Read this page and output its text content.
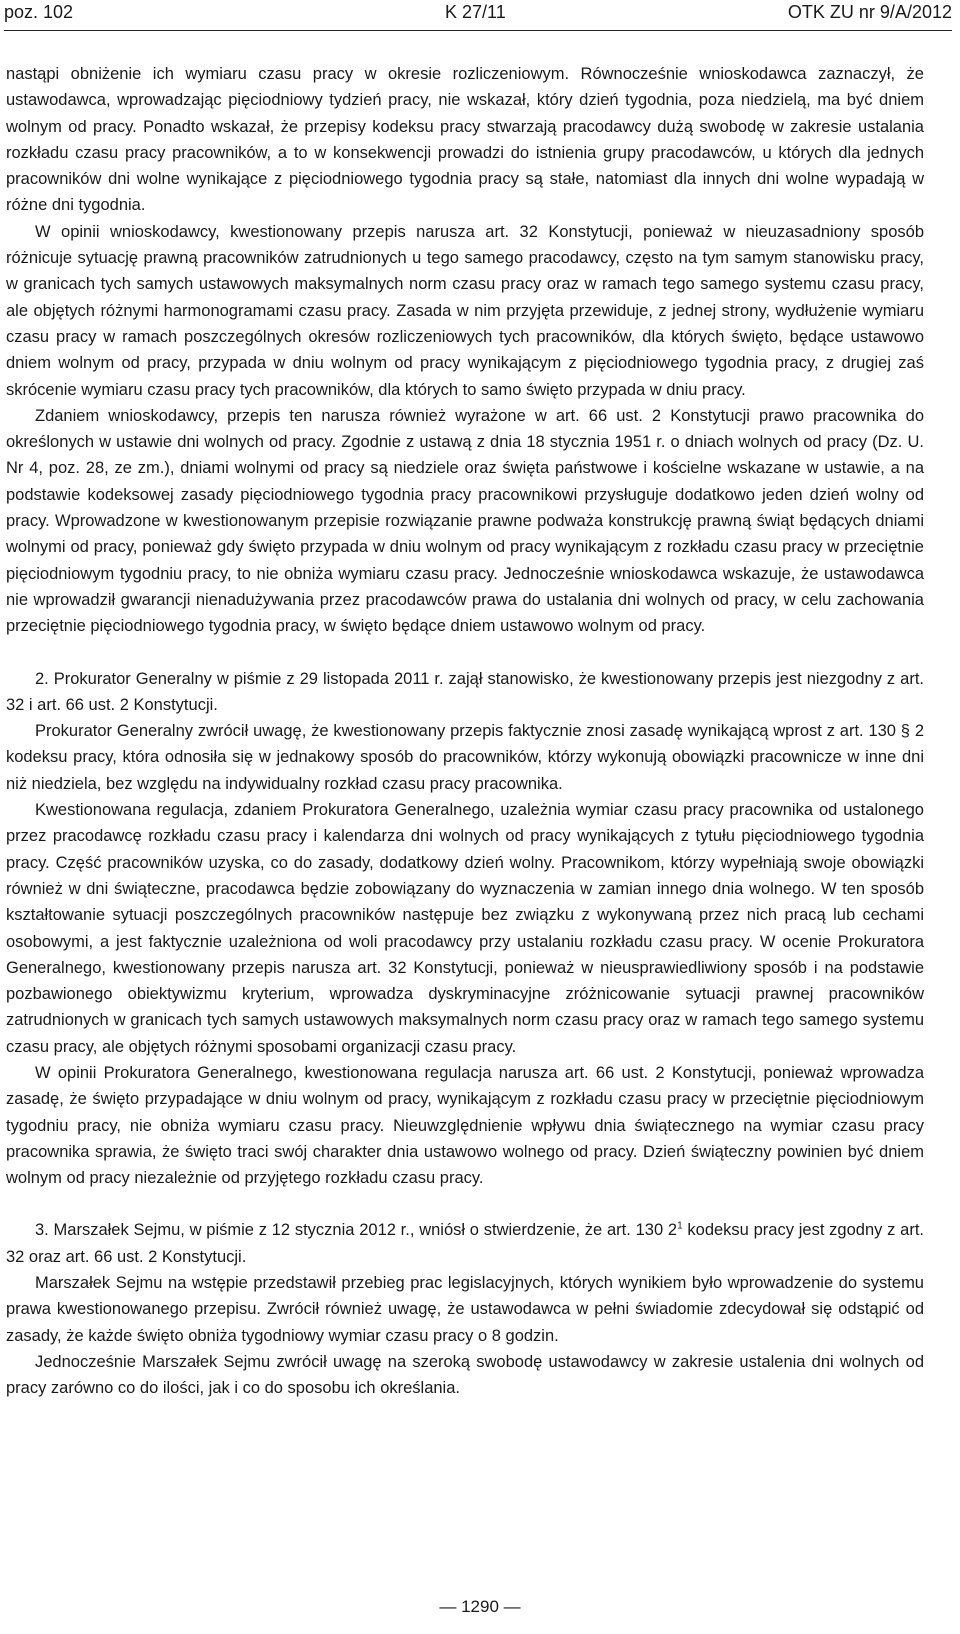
poz. 102	K 27/11	OTK ZU nr 9/A/2012

nastąpi obniżenie ich wymiaru czasu pracy w okresie rozliczeniowym. Równocześnie wnioskodawca zaznaczył, że ustawodawca, wprowadzając pięciodniowy tydzień pracy, nie wskazał, który dzień tygodnia, poza niedzielą, ma być dniem wolnym od pracy. Ponadto wskazał, że przepisy kodeksu pracy stwarzają pracodawcy dużą swobodę w zakresie ustalania rozkładu czasu pracy pracowników, a to w konsekwencji prowadzi do istnienia grupy pracodawców, u których dla jednych pracowników dni wolne wynikające z pięciodniowego tygodnia pracy są stałe, natomiast dla innych dni wolne wypadają w różne dni tygodnia.

W opinii wnioskodawcy, kwestionowany przepis narusza art. 32 Konstytucji, ponieważ w nieuzasadniony sposób różnicuje sytuację prawną pracowników zatrudnionych u tego samego pracodawcy, często na tym samym stanowisku pracy, w granicach tych samych ustawowych maksymalnych norm czasu pracy oraz w ramach tego samego systemu czasu pracy, ale objętych różnymi harmonogramami czasu pracy. Zasada w nim przyjęta przewiduje, z jednej strony, wydłużenie wymiaru czasu pracy w ramach poszczególnych okresów rozliczeniowych tych pracowników, dla których święto, będące ustawowo dniem wolnym od pracy, przypada w dniu wolnym od pracy wynikającym z pięciodniowego tygodnia pracy, z drugiej zaś skrócenie wymiaru czasu pracy tych pracowników, dla których to samo święto przypada w dniu pracy.

Zdaniem wnioskodawcy, przepis ten narusza również wyrażone w art. 66 ust. 2 Konstytucji prawo pracownika do określonych w ustawie dni wolnych od pracy. Zgodnie z ustawą z dnia 18 stycznia 1951 r. o dniach wolnych od pracy (Dz. U. Nr 4, poz. 28, ze zm.), dniami wolnymi od pracy są niedziele oraz święta państwowe i kościelne wskazane w ustawie, a na podstawie kodeksowej zasady pięciodniowego tygodnia pracy pracownikowi przysługuje dodatkowo jeden dzień wolny od pracy. Wprowadzone w kwestionowanym przepisie rozwiązanie prawne podważa konstrukcję prawną świąt będących dniami wolnymi od pracy, ponieważ gdy święto przypada w dniu wolnym od pracy wynikającym z rozkładu czasu pracy w przeciętnie pięciodniowym tygodniu pracy, to nie obniża wymiaru czasu pracy. Jednocześnie wnioskodawca wskazuje, że ustawodawca nie wprowadził gwarancji nienadużywania przez pracodawców prawa do ustalania dni wolnych od pracy, w celu zachowania przeciętnie pięciodniowego tygodnia pracy, w święto będące dniem ustawowo wolnym od pracy.

2. Prokurator Generalny w piśmie z 29 listopada 2011 r. zajął stanowisko, że kwestionowany przepis jest niezgodny z art. 32 i art. 66 ust. 2 Konstytucji.

Prokurator Generalny zwrócił uwagę, że kwestionowany przepis faktycznie znosi zasadę wynikającą wprost z art. 130 § 2 kodeksu pracy, która odnosiła się w jednakowy sposób do pracowników, którzy wykonują obowiązki pracownicze w inne dni niż niedziela, bez względu na indywidualny rozkład czasu pracy pracownika.

Kwestionowana regulacja, zdaniem Prokuratora Generalnego, uzależnia wymiar czasu pracy pracownika od ustalonego przez pracodawcę rozkładu czasu pracy i kalendarza dni wolnych od pracy wynikających z tytułu pięciodniowego tygodnia pracy. Część pracowników uzyska, co do zasady, dodatkowy dzień wolny. Pracownikom, którzy wypełniają swoje obowiązki również w dni świąteczne, pracodawca będzie zobowiązany do wyznaczenia w zamian innego dnia wolnego. W ten sposób kształtowanie sytuacji poszczególnych pracowników następuje bez związku z wykonywaną przez nich pracą lub cechami osobowymi, a jest faktycznie uzależniona od woli pracodawcy przy ustalaniu rozkładu czasu pracy. W ocenie Prokuratora Generalnego, kwestionowany przepis narusza art. 32 Konstytucji, ponieważ w nieusprawiedliwiony sposób i na podstawie pozbawionego obiektywizmu kryterium, wprowadza dyskryminacyjne zróżnicowanie sytuacji prawnej pracowników zatrudnionych w granicach tych samych ustawowych maksymalnych norm czasu pracy oraz w ramach tego samego systemu czasu pracy, ale objętych różnymi sposobami organizacji czasu pracy.

W opinii Prokuratora Generalnego, kwestionowana regulacja narusza art. 66 ust. 2 Konstytucji, ponieważ wprowadza zasadę, że święto przypadające w dniu wolnym od pracy, wynikającym z rozkładu czasu pracy w przeciętnie pięciodniowym tygodniu pracy, nie obniża wymiaru czasu pracy. Nieuwzględnienie wpływu dnia świątecznego na wymiar czasu pracy pracownika sprawia, że święto traci swój charakter dnia ustawowo wolnego od pracy. Dzień świąteczny powinien być dniem wolnym od pracy niezależnie od przyjętego rozkładu czasu pracy.

3. Marszałek Sejmu, w piśmie z 12 stycznia 2012 r., wniósł o stwierdzenie, że art. 130 $2^1$ kodeksu pracy jest zgodny z art. 32 oraz art. 66 ust. 2 Konstytucji.

Marszałek Sejmu na wstępie przedstawił przebieg prac legislacyjnych, których wynikiem było wprowadzenie do systemu prawa kwestionowanego przepisu. Zwrócił również uwagę, że ustawodawca w pełni świadomie zdecydował się odstąpić od zasady, że każde święto obniża tygodniowy wymiar czasu pracy o 8 godzin.

Jednocześnie Marszałek Sejmu zwrócił uwagę na szeroką swobodę ustawodawcy w zakresie ustalenia dni wolnych od pracy zarówno co do ilości, jak i co do sposobu ich określania.

— 1290 —
